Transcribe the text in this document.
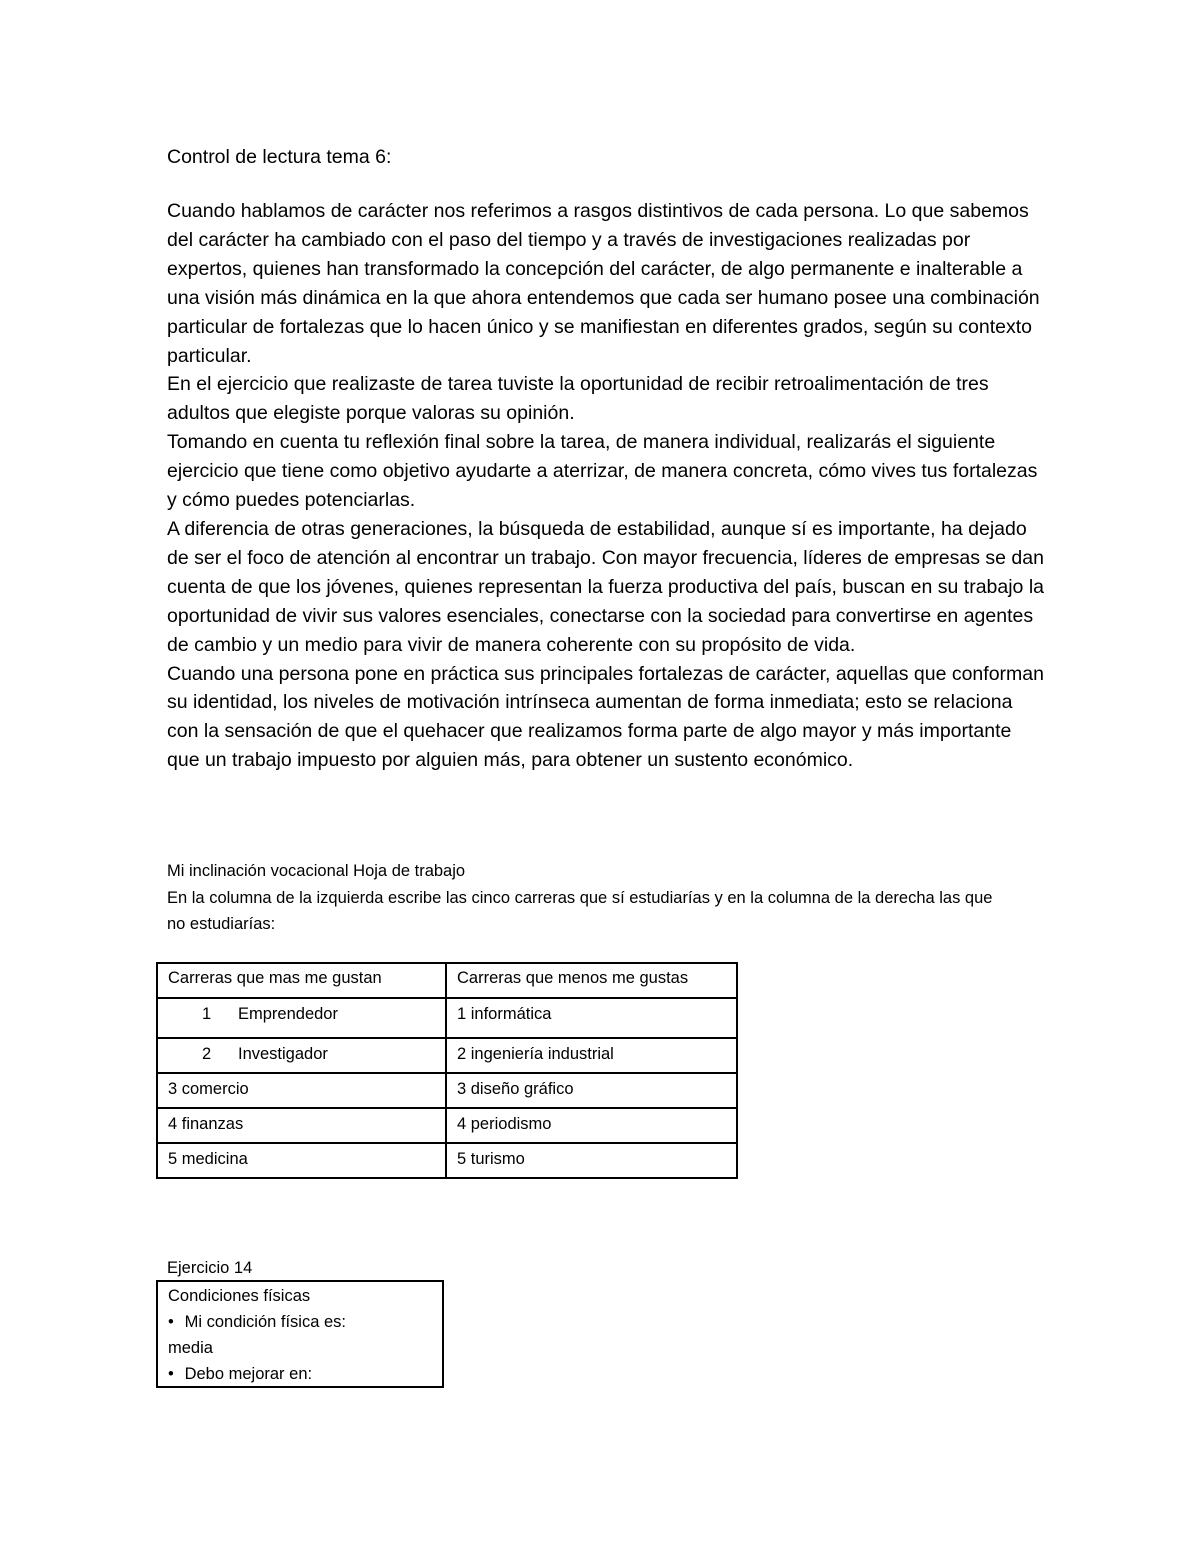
Control de lectura tema 6:

Cuando hablamos de carácter nos referimos a rasgos distintivos de cada persona. Lo que sabemos del carácter ha cambiado con el paso del tiempo y a través de investigaciones realizadas por expertos, quienes han transformado la concepción del carácter, de algo permanente e inalterable a una visión más dinámica en la que ahora entendemos que cada ser humano posee una combinación particular de fortalezas que lo hacen único y se manifiestan en diferentes grados, según su contexto particular.

En el ejercicio que realizaste de tarea tuviste la oportunidad de recibir retroalimentación de tres adultos que elegiste porque valoras su opinión.

Tomando en cuenta tu reflexión final sobre la tarea, de manera individual, realizarás el siguiente ejercicio que tiene como objetivo ayudarte a aterrizar, de manera concreta, cómo vives tus fortalezas y cómo puedes potenciarlas.

A diferencia de otras generaciones, la búsqueda de estabilidad, aunque sí es importante, ha dejado de ser el foco de atención al encontrar un trabajo. Con mayor frecuencia, líderes de empresas se dan cuenta de que los jóvenes, quienes representan la fuerza productiva del país, buscan en su trabajo la oportunidad de vivir sus valores esenciales, conectarse con la sociedad para convertirse en agentes de cambio y un medio para vivir de manera coherente con su propósito de vida.

Cuando una persona pone en práctica sus principales fortalezas de carácter, aquellas que conforman su identidad, los niveles de motivación intrínseca aumentan de forma inmediata; esto se relaciona con la sensación de que el quehacer que realizamos forma parte de algo mayor y más importante que un trabajo impuesto por alguien más, para obtener un sustento económico.

Mi inclinación vocacional Hoja de trabajo
En la columna de la izquierda escribe las cinco carreras que sí estudiarías y en la columna de la derecha las que no estudiarías:
Carreras que mas me gustan	Carreras que menos me gustas

1 Emprendedor	1 informática

2 Investigador	2 ingeniería industrial
3 comercio	3 diseño gráfico
4 finanzas	4 periodismo
5 medicina	5 turismo
Ejercicio 14
Condiciones físicas
• Mi condición física es:
media
• Debo mejorar en:
